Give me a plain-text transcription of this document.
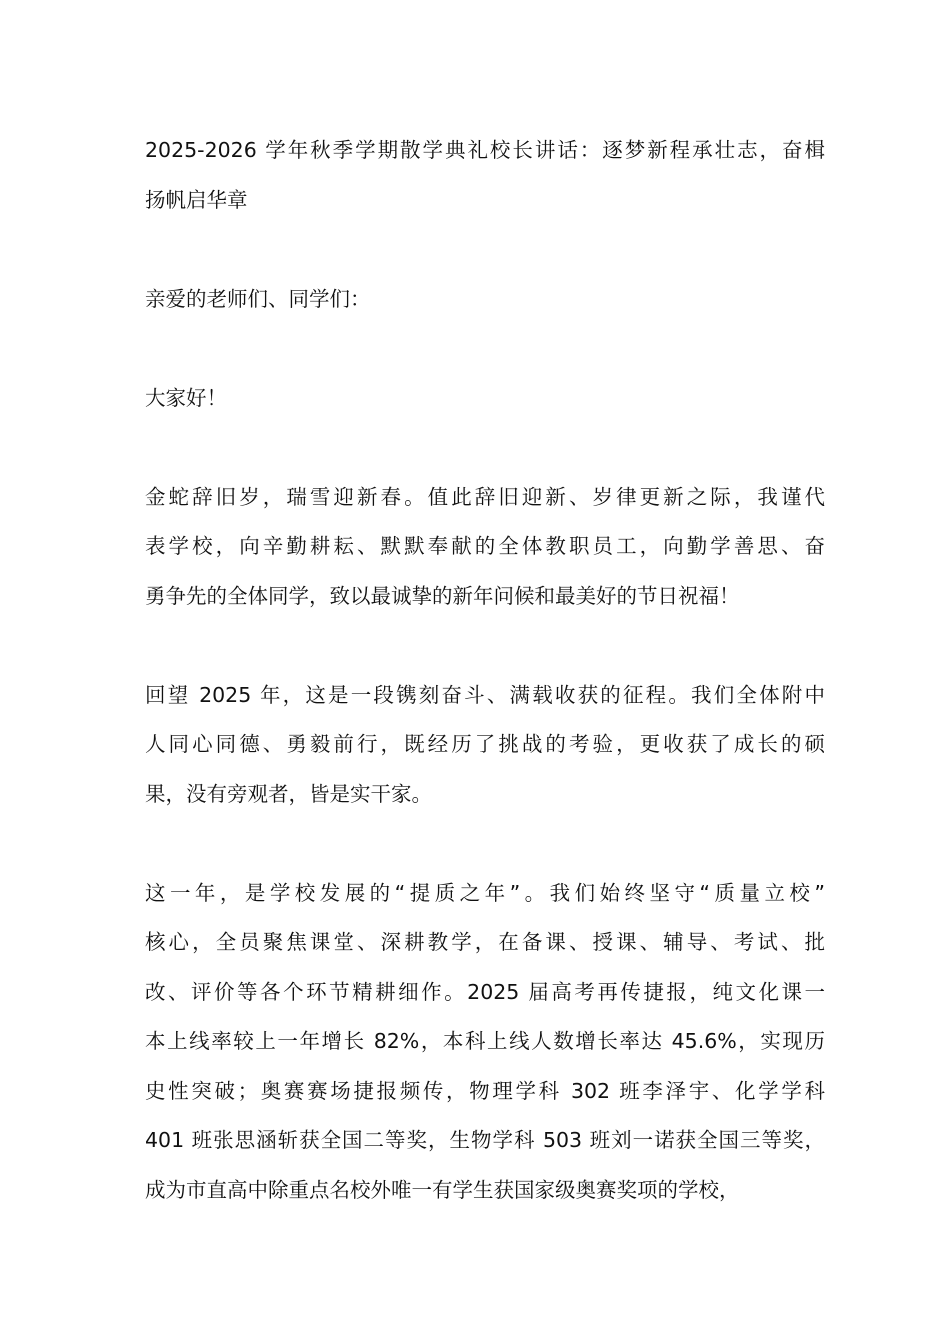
2025-2026 学年秋季学期散学典礼校长讲话：逐梦新程承壮志，奋楫
扬帆启华章
亲爱的老师们、同学们：
大家好！
金蛇辞旧岁，瑞雪迎新春。值此辞旧迎新、岁律更新之际，我谨代
表学校，向辛勤耕耘、默默奉献的全体教职员工，向勤学善思、奋
勇争先的全体同学，致以最诚挚的新年问候和最美好的节日祝福！
回望 2025 年，这是一段镌刻奋斗、满载收获的征程。我们全体附中
人同心同德、勇毅前行，既经历了挑战的考验，更收获了成长的硕
果，没有旁观者，皆是实干家。
这一年，是学校发展的“提质之年”。我们始终坚守“质量立校”
核心，全员聚焦课堂、深耕教学，在备课、授课、辅导、考试、批
改、评价等各个环节精耕细作。2025 届高考再传捷报，纯文化课一
本上线率较上一年增长 82%，本科上线人数增长率达 45.6%，实现历
史性突破；奥赛赛场捷报频传，物理学科 302 班李泽宇、化学学科
401 班张思涵斩获全国二等奖，生物学科 503 班刘一诺获全国三等奖，
成为市直高中除重点名校外唯一有学生获国家级奥赛奖项的学校，
